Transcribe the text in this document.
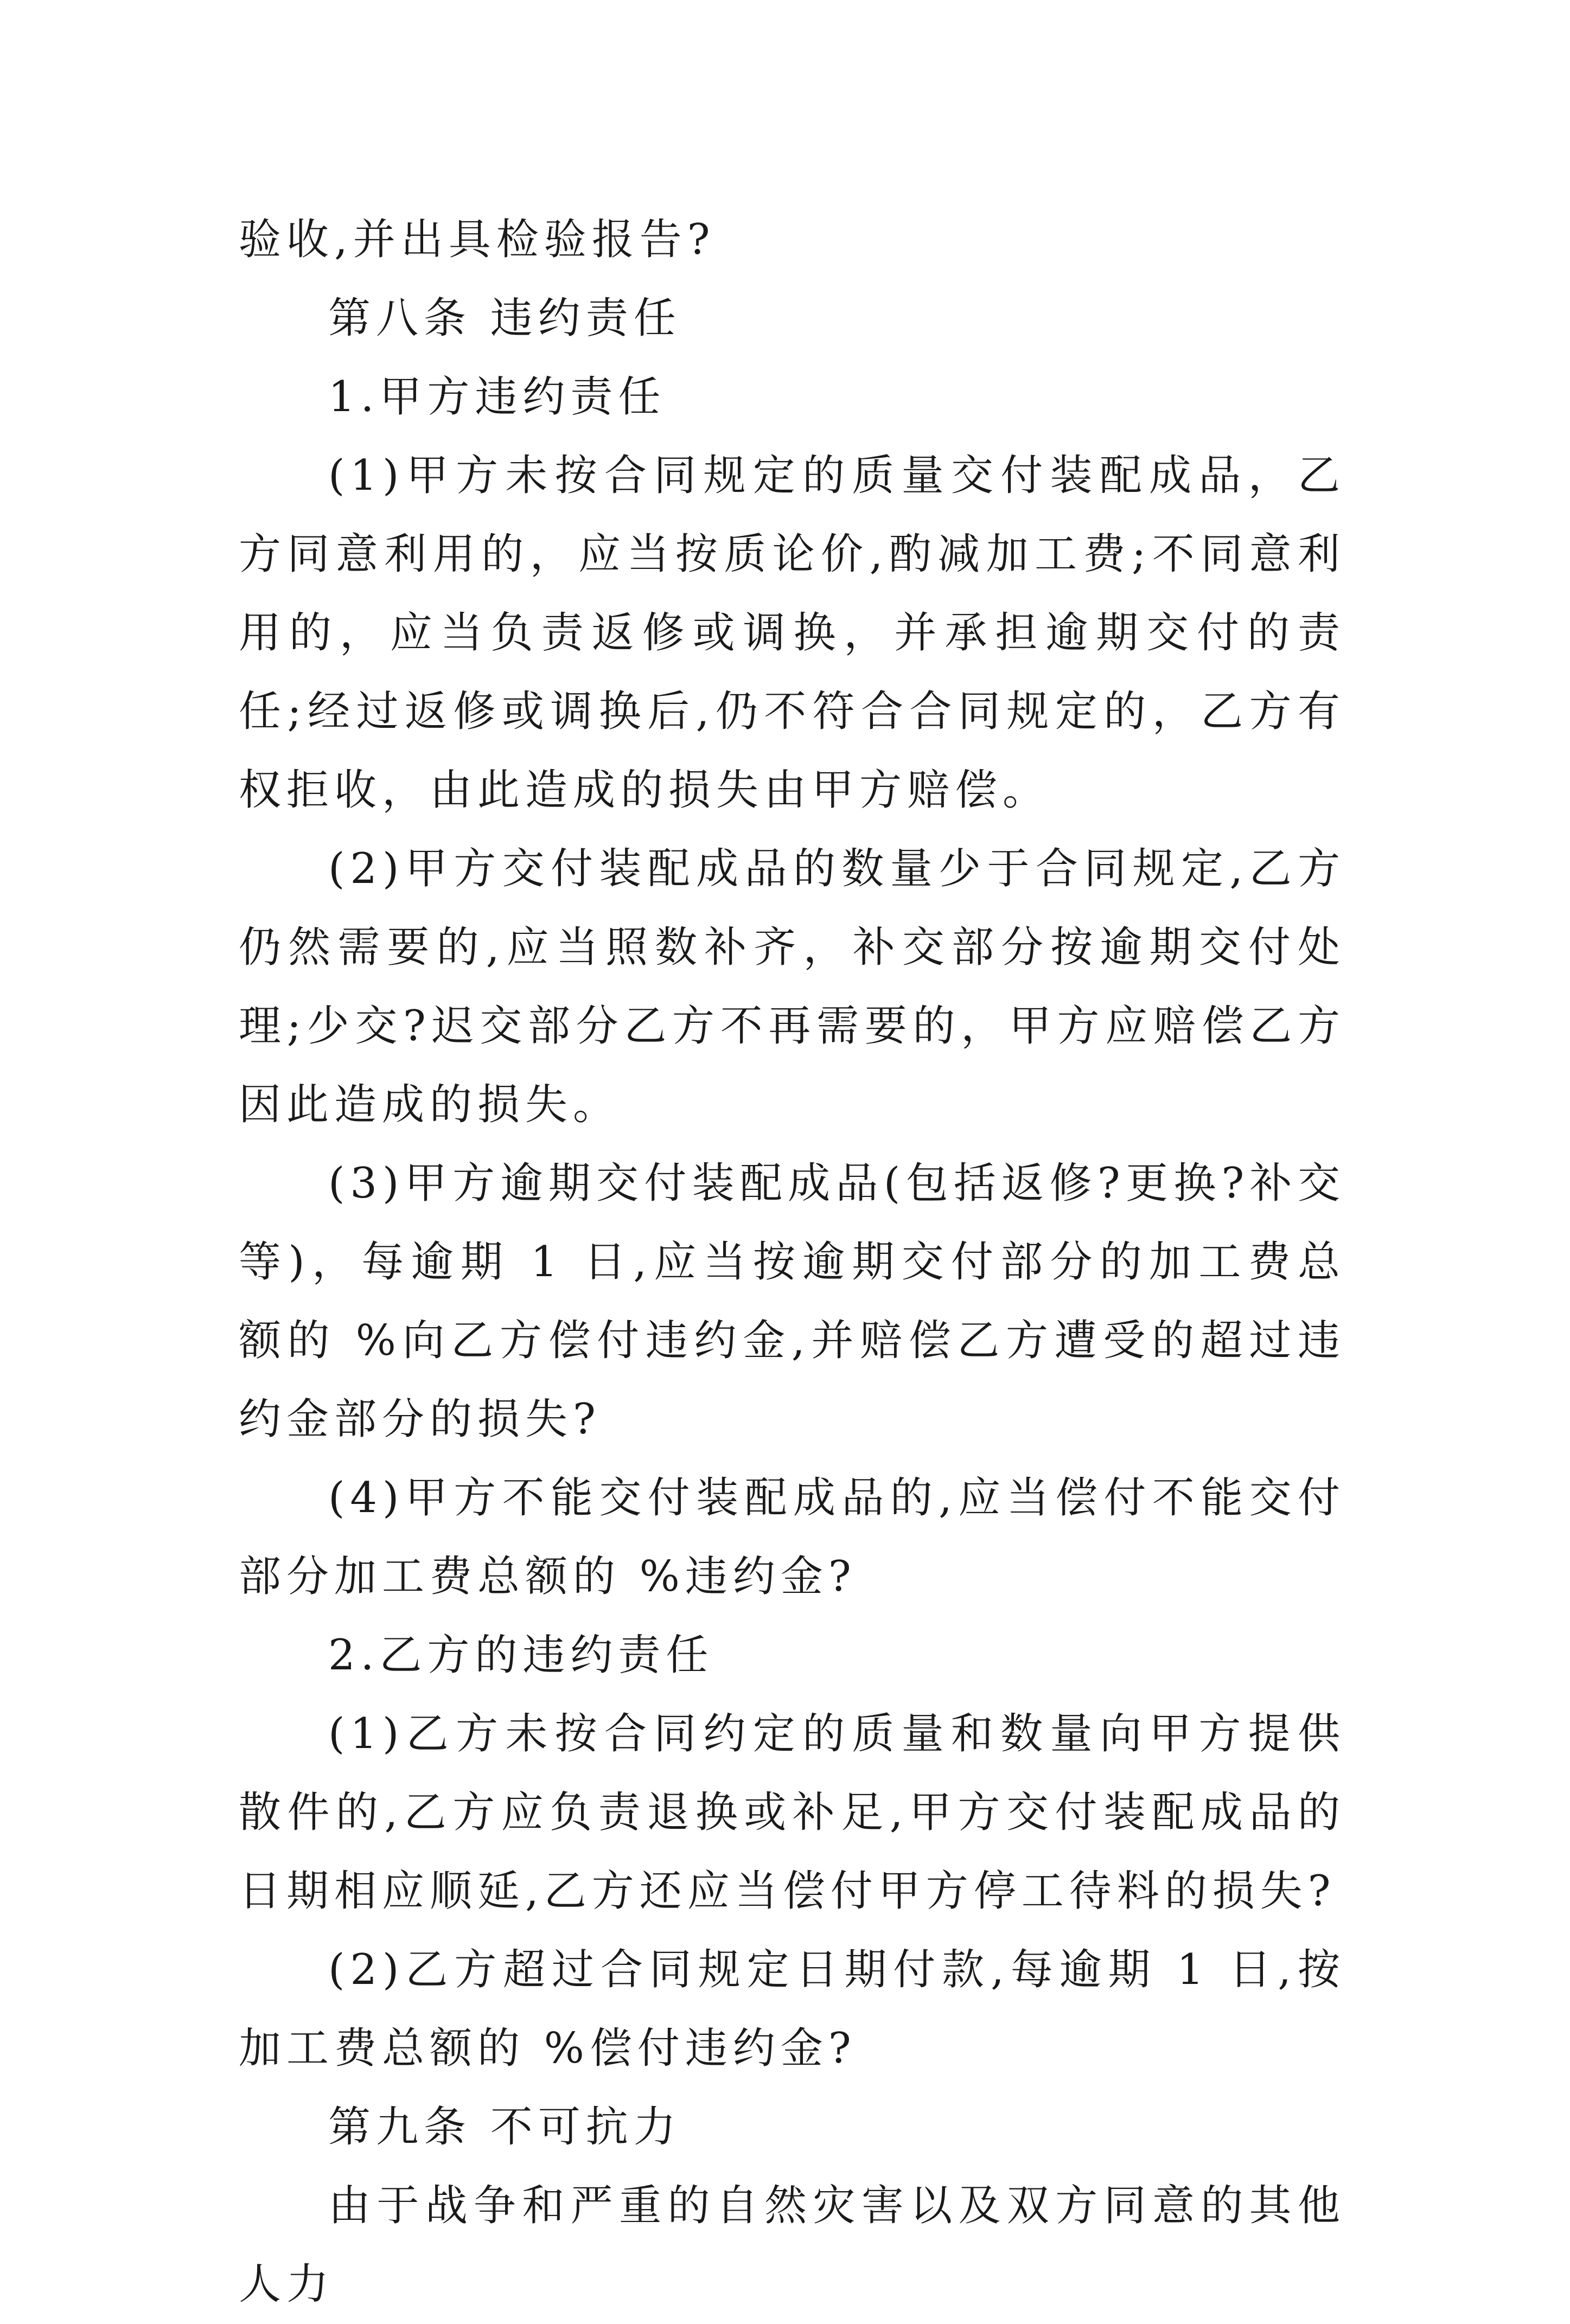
验收,并出具检验报告?

第八条 违约责任

1.甲方违约责任

(1)甲方未按合同规定的质量交付装配成品，乙方同意利用的，应当按质论价,酌减加工费;不同意利用的，应当负责返修或调换，并承担逾期交付的责任;经过返修或调换后,仍不符合合同规定的，乙方有权拒收，由此造成的损失由甲方赔偿。

(2)甲方交付装配成品的数量少于合同规定,乙方仍然需要的,应当照数补齐，补交部分按逾期交付处理;少交?迟交部分乙方不再需要的，甲方应赔偿乙方因此造成的损失。

(3)甲方逾期交付装配成品(包括返修?更换?补交等)，每逾期 1 日,应当按逾期交付部分的加工费总额的 %向乙方偿付违约金,并赔偿乙方遭受的超过违约金部分的损失?

(4)甲方不能交付装配成品的,应当偿付不能交付部分加工费总额的 %违约金?

2.乙方的违约责任

(1)乙方未按合同约定的质量和数量向甲方提供散件的,乙方应负责退换或补足,甲方交付装配成品的日期相应顺延,乙方还应当偿付甲方停工待料的损失?

(2)乙方超过合同规定日期付款,每逾期 1 日,按加工费总额的 %偿付违约金?

第九条 不可抗力

由于战争和严重的自然灾害以及双方同意的其他人力
